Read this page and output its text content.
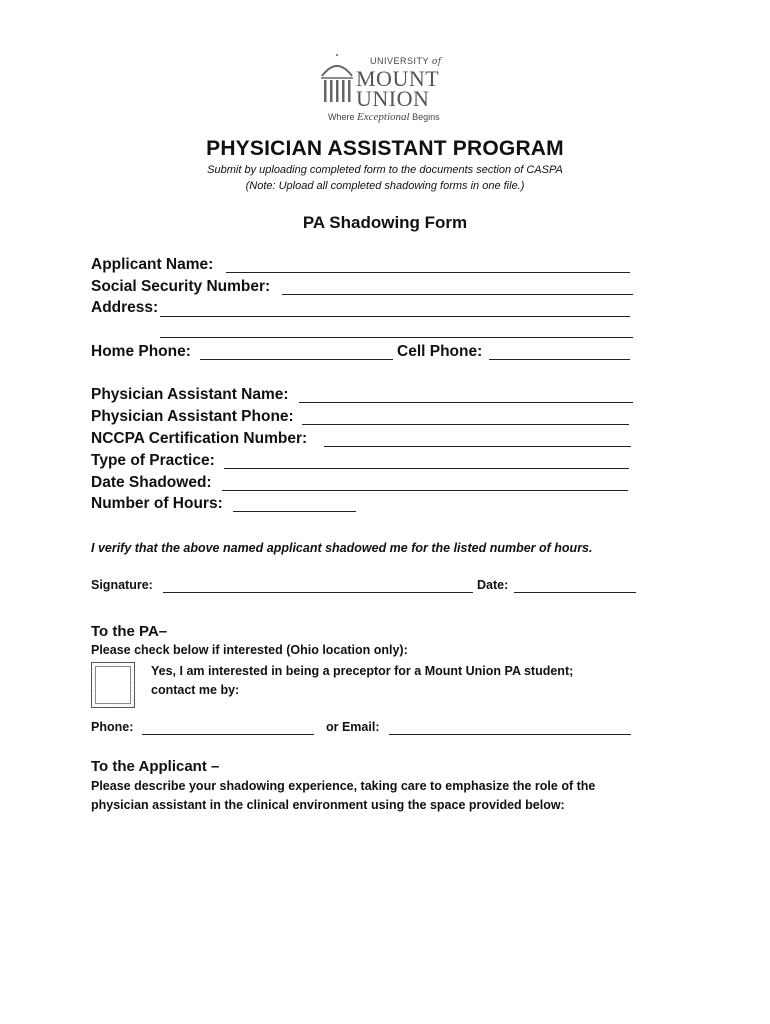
UNIVERSITY of
MOUNT
UNION
Where Exceptional Begins
PHYSICIAN ASSISTANT PROGRAM
Submit by uploading completed form to the documents section of CASPA
(Note: Upload all completed shadowing forms in one file.)
PA Shadowing Form
Applicant Name:
Social Security Number:
Address:
Home Phone:	Cell Phone:
Physician Assistant Name:
Physician Assistant Phone:
NCCPA Certification Number:
Type of Practice:
Date Shadowed:
Number of Hours:
I verify that the above named applicant shadowed me for the listed number of hours.
Signature:	Date:
To the PA–
Please check below if interested (Ohio location only):
Yes, I am interested in being a preceptor for a Mount Union PA student;
contact me by:
Phone:	or Email:
To the Applicant –
Please describe your shadowing experience, taking care to emphasize the role of the
physician assistant in the clinical environment using the space provided below:
